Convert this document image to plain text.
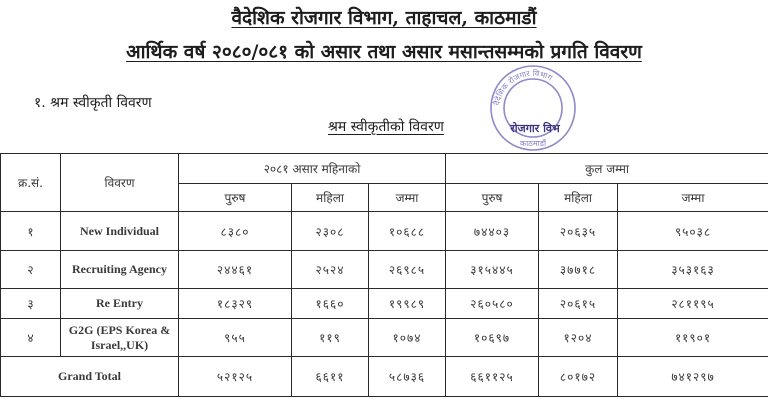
वैदेशिक रोजगार विभाग, ताहाचल, काठमाडौं
आर्थिक वर्ष २०८०/०८१ को असार तथा असार मसान्तसम्मको प्रगति विवरण
१. श्रम स्वीकृती विवरण
श्रम स्वीकृतीको विवरण
वैदेशिक रोजगार विभाग
रोजगार विभ
काठमाडौं
क्र.सं.	विवरण	२०८१ असार महिनाको			कुल जम्मा		
		पुरुष	महिला	जम्मा	पुरुष	महिला	जम्मा
१	New Individual	८३८०	२३०८	१०६८८	७४४०३	२०६३५	९५०३८
२	Recruiting Agency	२४४६१	२५२४	२६९८५	३१५४४५	३७७१८	३५३१६३
३	Re Entry	१८३२९	१६६०	१९९८९	२६०५८०	२०६१५	२८११९५
४	G2G (EPS Korea & Israel,,UK)	९५५	११९	१०७४	१०६९७	१२०४	११९०१
Grand Total		५२१२५	६६११	५८७३६	६६११२५	८०१७२	७४१२९७
